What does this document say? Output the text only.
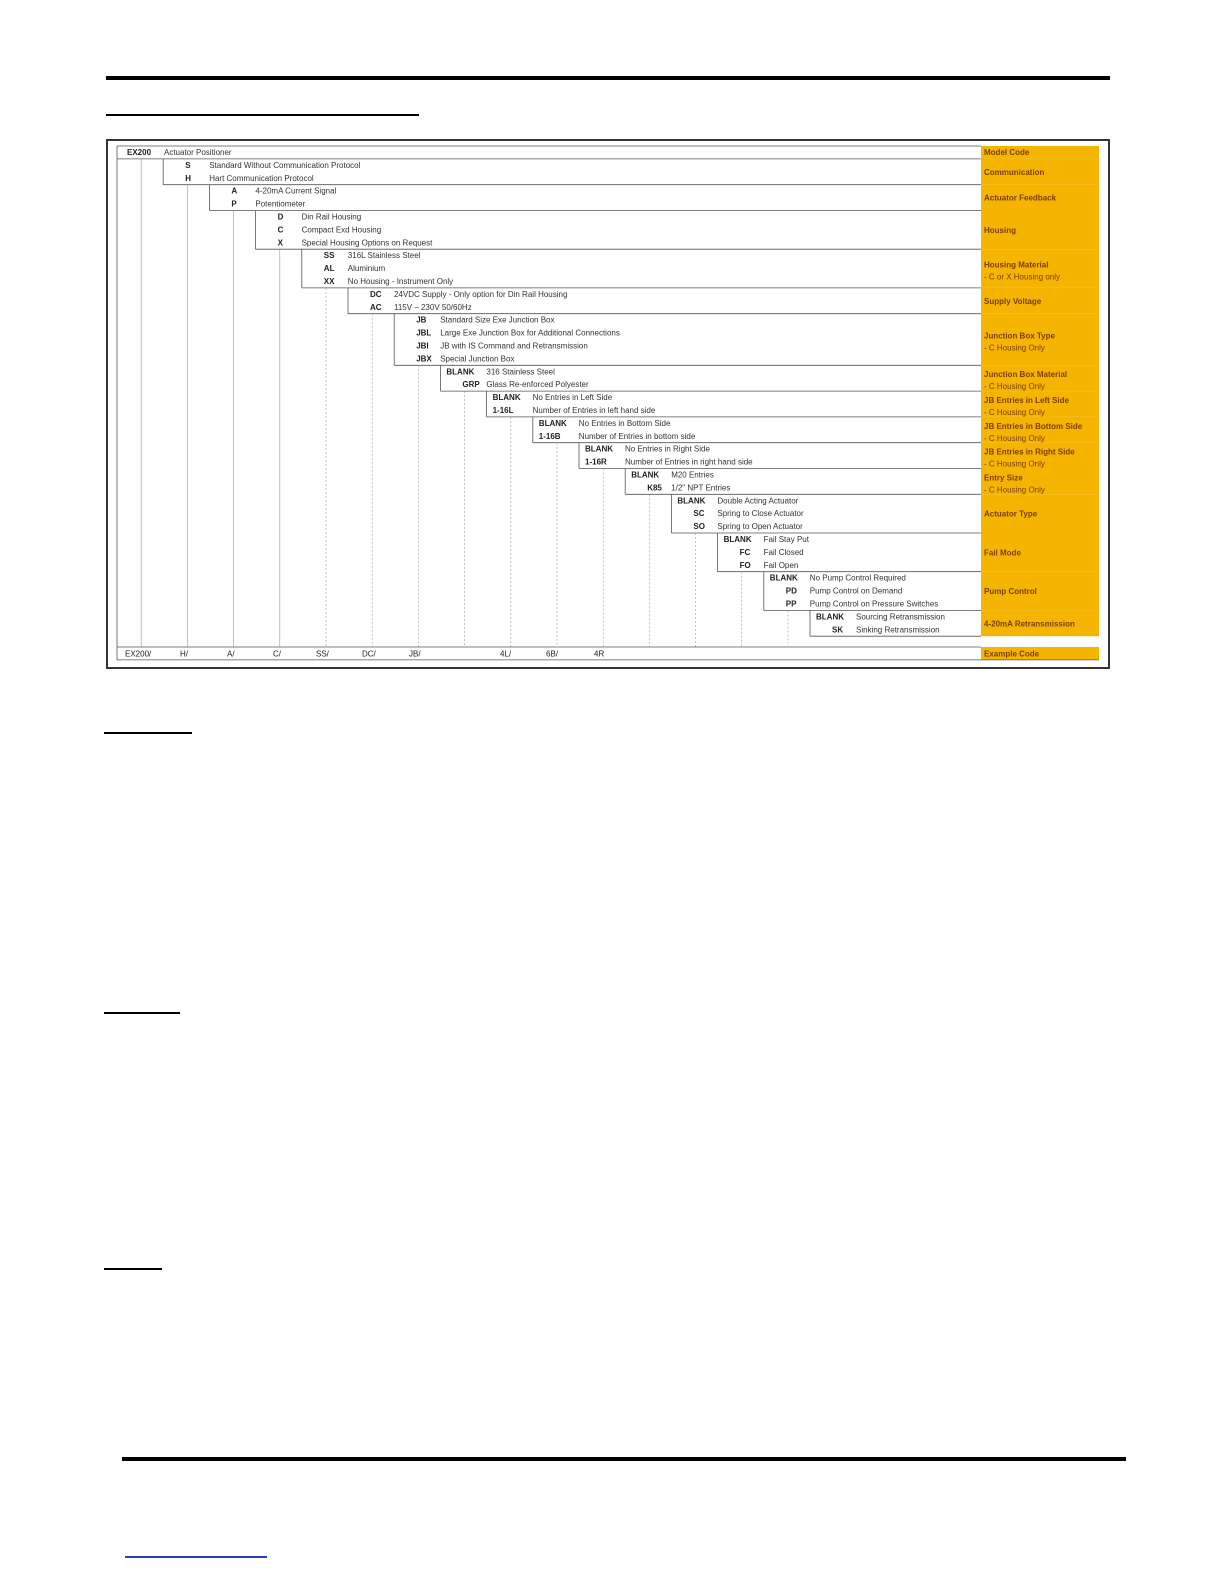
EX200 Actuator Positioner	Model Code
S Standard Without Communication Protocol
H Hart Communication Protocol
Communication
A 4-20mA Current Signal
P Potentiometer
Actuator Feedback
D Din Rail Housing
C Compact Exd Housing
X Special Housing Options on Request
Housing
SS 316L Stainless Steel
AL Aluminium
XX No Housing - Instrument Only
Housing Material
- C or X Housing only
DC 24VDC Supply - Only option for Din Rail Housing
AC 115V – 230V 50/60Hz
Supply Voltage
JB Standard Size Exe Junction Box
JBL Large Exe Junction Box for Additional Connections
JBI JB with IS Command and Retransmission
JBX Special Junction Box
Junction Box Type
- C Housing Only
BLANK 316 Stainless Steel
GRP Glass Re-enforced Polyester
Junction Box Material
- C Housing Only
BLANK No Entries in Left Side
1-16L Number of Entries in left hand side
JB Entries in Left Side
- C Housing Only
BLANK No Entries in Bottom Side
1-16B Number of Entries in bottom side
JB Entries in Bottom Side
- C Housing Only
BLANK No Entries in Right Side
1-16R Number of Entries in right hand side
JB Entries in Right Side
- C Housing Only
BLANK M20 Entries
K85 1/2" NPT Entries
Entry Size
- C Housing Only
BLANK Double Acting Actuator
SC Spring to Close Actuator
SO Spring to Open Actuator
Actuator Type
BLANK Fail Stay Put
FC Fail Closed
FO Fail Open
Fail Mode
BLANK No Pump Control Required
PD Pump Control on Demand
PP Pump Control on Pressure Switches
Pump Control
BLANK Sourcing Retransmission
SK Sinking Retransmission
4-20mA Retransmission
EX200/	H/	A/	C/	SS/	DC/	JB/	4L/	6B/	4R	Example Code
